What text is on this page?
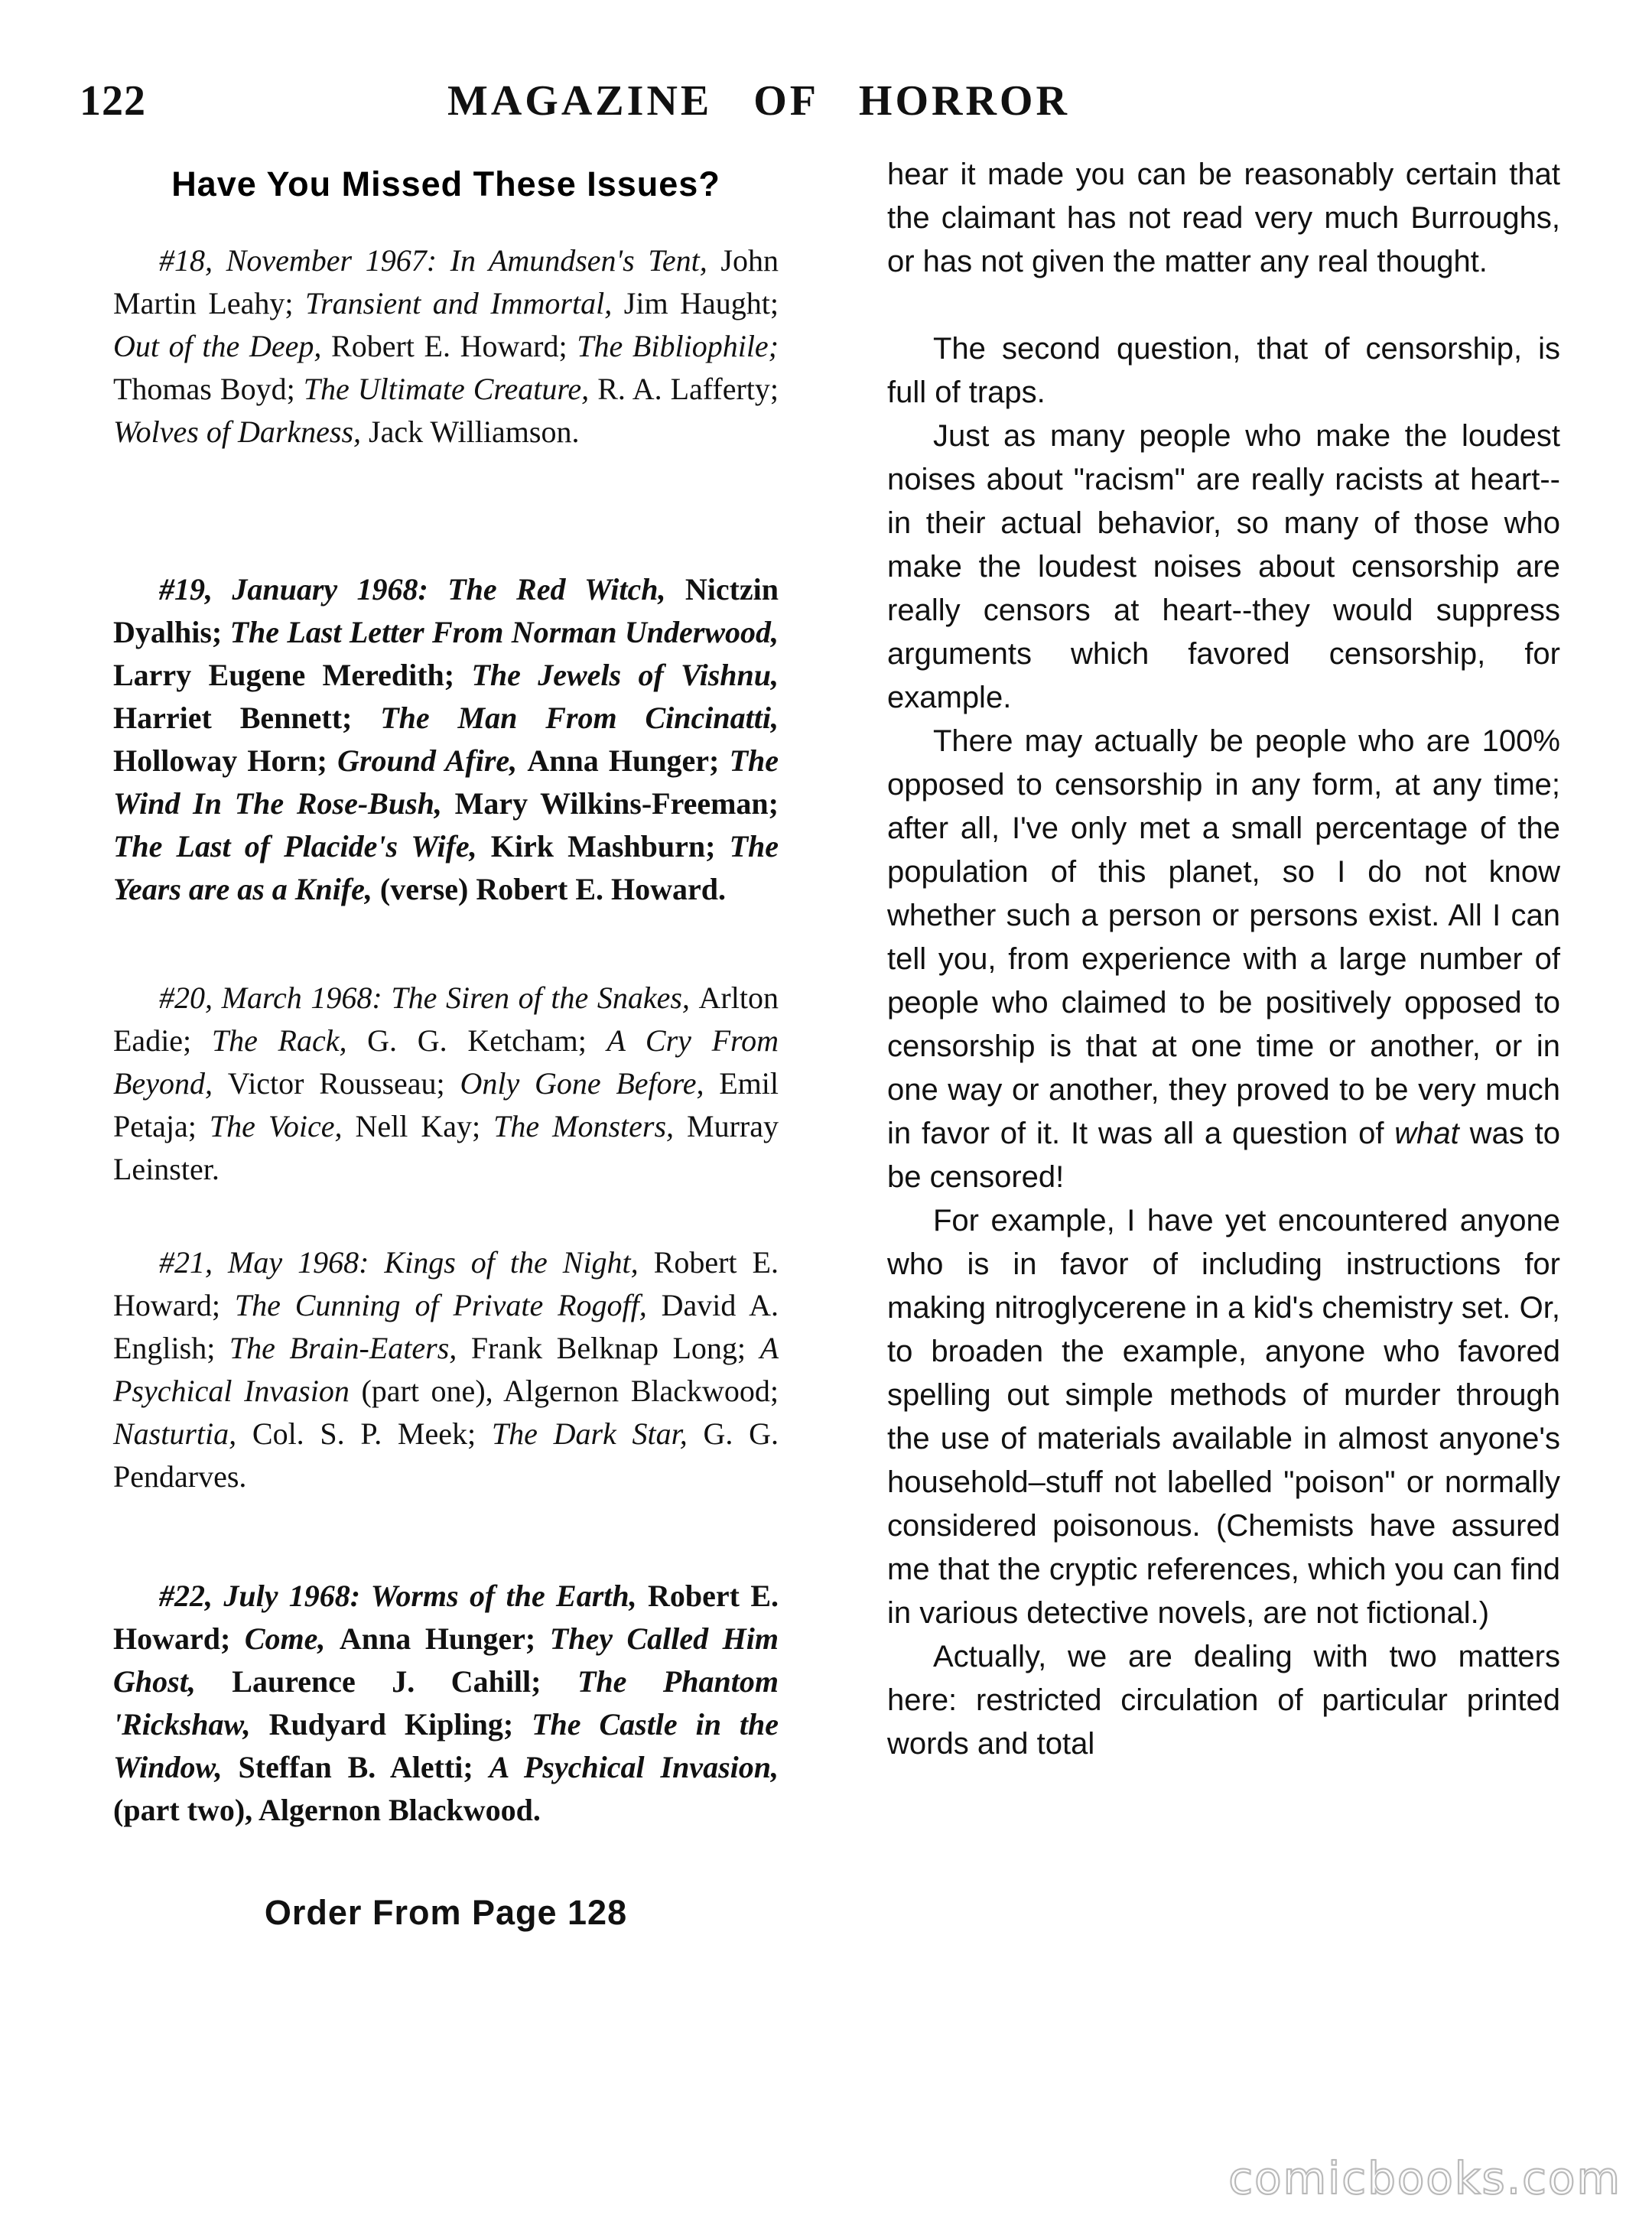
122	MAGAZINE OF HORROR

Have You Missed These Issues?

#18, November 1967: In Amundsen's Tent, John Martin Leahy; Transient and Immortal, Jim Haught; Out of the Deep, Robert E. Howard; The Bibliophile; Thomas Boyd; The Ultimate Creature, R. A. Lafferty; Wolves of Darkness, Jack Williamson.

#19, January 1968: The Red Witch, Nictzin Dyalhis; The Last Letter From Norman Underwood, Larry Eugene Meredith; The Jewels of Vishnu, Harriet Bennett; The Man From Cincinatti, Holloway Horn; Ground Afire, Anna Hunger; The Wind In The Rose-Bush, Mary Wilkins-Freeman; The Last of Placide's Wife, Kirk Mashburn; The Years are as a Knife, (verse) Robert E. Howard.

#20, March 1968: The Siren of the Snakes, Arlton Eadie; The Rack, G. G. Ketcham; A Cry From Beyond, Victor Rousseau; Only Gone Before, Emil Petaja; The Voice, Nell Kay; The Monsters, Murray Leinster.

#21, May 1968: Kings of the Night, Robert E. Howard; The Cunning of Private Rogoff, David A. English; The Brain-Eaters, Frank Belknap Long; A Psychical Invasion (part one), Algernon Blackwood; Nasturtia, Col. S. P. Meek; The Dark Star, G. G. Pendarves.

#22, July 1968: Worms of the Earth, Robert E. Howard; Come, Anna Hunger; They Called Him Ghost, Laurence J. Cahill; The Phantom 'Rickshaw, Rudyard Kipling; The Castle in the Window, Steffan B. Aletti; A Psychical Invasion, (part two), Algernon Blackwood.

Order From Page 128

hear it made you can be reasonably certain that the claimant has not read very much Burroughs, or has not given the matter any real thought.

The second question, that of censorship, is full of traps.

Just as many people who make the loudest noises about "racism" are really racists at heart--in their actual behavior, so many of those who make the loudest noises about censorship are really censors at heart--they would suppress arguments which favored censorship, for example.

There may actually be people who are 100% opposed to censorship in any form, at any time; after all, I've only met a small percentage of the population of this planet, so I do not know whether such a person or persons exist. All I can tell you, from experience with a large number of people who claimed to be positively opposed to censorship is that at one time or another, or in one way or another, they proved to be very much in favor of it. It was all a question of what was to be censored!

For example, I have yet encountered anyone who is in favor of including instructions for making nitroglycerene in a kid's chemistry set. Or, to broaden the example, anyone who favored spelling out simple methods of murder through the use of materials available in almost anyone's household–stuff not labelled "poison" or normally considered poisonous. (Chemists have assured me that the cryptic references, which you can find in various detective novels, are not fictional.)

Actually, we are dealing with two matters here: restricted circulation of particular printed words and total

comicbooks.com
